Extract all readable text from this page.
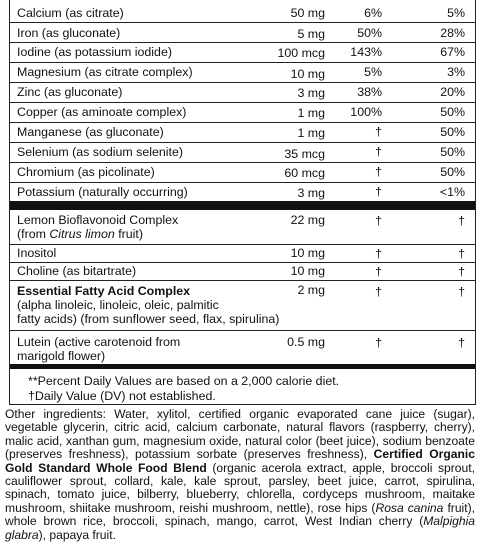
Calcium (as citrate)	50 mg	6%	5%
Iron (as gluconate)	5 mg	50%	28%
Iodine (as potassium iodide)	100 mcg 143%	67%
Magnesium (as citrate complex)	10 mg	5%	3%
Zinc (as gluconate)	3 mg	38%	20%
Copper (as aminoate complex)	1 mg 100%	50%
Manganese (as gluconate)	1 mg	†	50%
Selenium (as sodium selenite)	35 mcg	†	50%
Chromium (as picolinate)	60 mcg	†	50%
Potassium (naturally occurring)	3 mg	†	<1%
Lemon Bioflavonoid Complex
(from Citrus limon fruit)
22 mg	†	†
Inositol	10 mg	†	†
Choline (as bitartrate)	10 mg	†	†
Essential Fatty Acid Complex
(alpha linoleic, linoleic, oleic, palmitic
fatty acids) (from sunflower seed, flax, spirulina)
2 mg	†	†
Lutein (active carotenoid from
marigold flower)
0.5 mg	†	†
**Percent Daily Values are based on a 2,000 calorie diet.
†Daily Value (DV) not established.
Other ingredients: Water, xylitol, certified organic evaporated cane juice (sugar), vegetable glycerin, citric acid, calcium carbonate, natural flavors (raspberry, cherry), malic acid, xanthan gum, magnesium oxide, natural color (beet juice), sodium benzoate (preserves freshness), potassium sorbate (preserves freshness), Certified Organic Gold Standard Whole Food Blend (organic acerola extract, apple, broccoli sprout, cauliflower sprout, collard, kale, kale sprout, parsley, beet juice, carrot, spirulina, spinach, tomato juice, bilberry, blueberry, chlorella, cordyceps mushroom, maitake mushroom, shiitake mushroom, reishi mushroom, nettle), rose hips (Rosa canina fruit), whole brown rice, broccoli, spinach, mango, carrot, West Indian cherry (Malpighia glabra), papaya fruit.
